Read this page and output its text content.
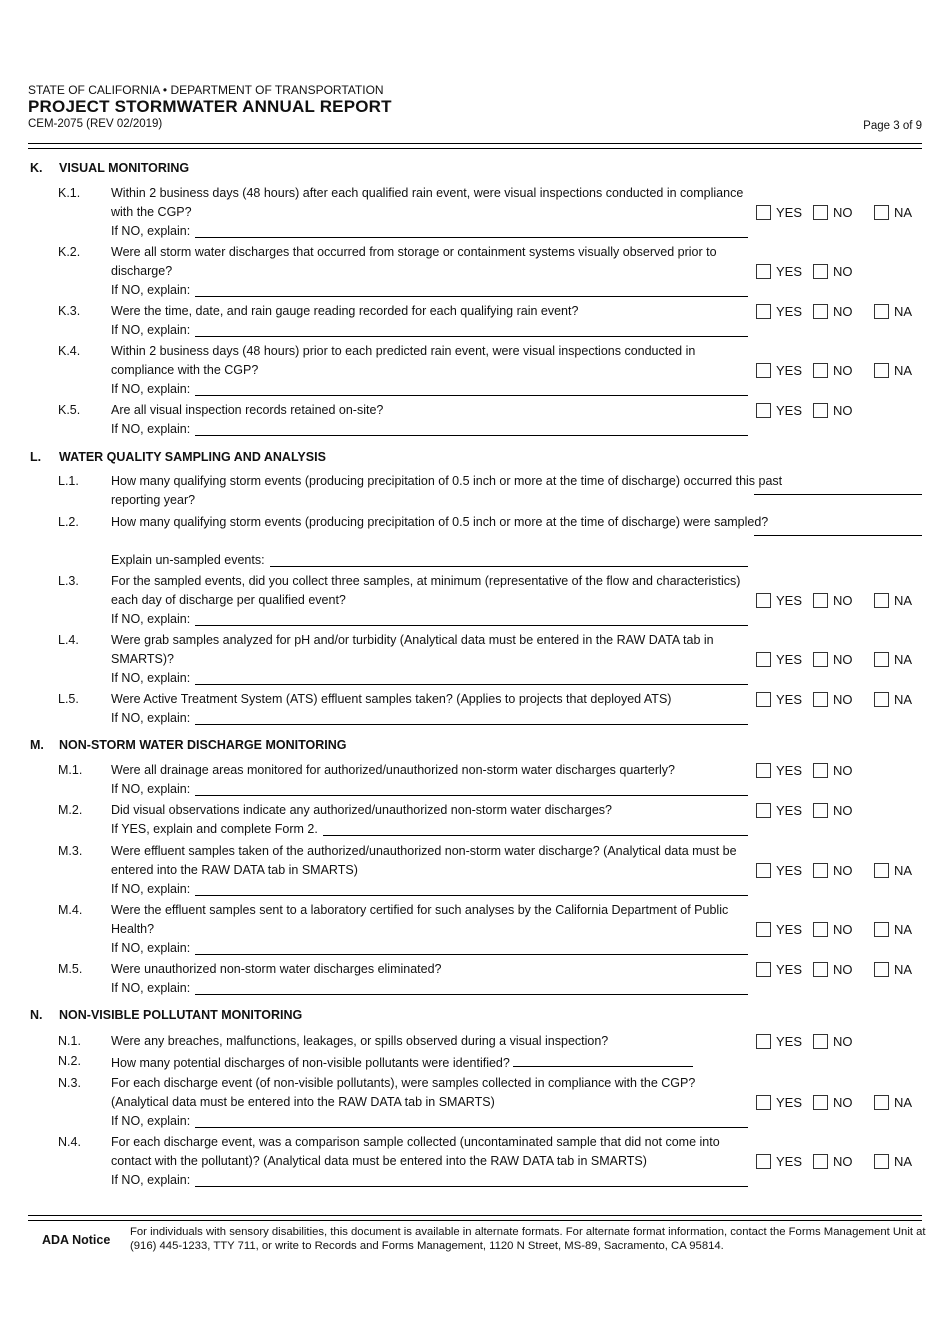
STATE OF CALIFORNIA • DEPARTMENT OF TRANSPORTATION
PROJECT STORMWATER ANNUAL REPORT
CEM-2075 (REV 02/2019)	Page 3 of 9
K. VISUAL MONITORING
K.1.	Within 2 business days (48 hours) after each qualified rain event, were visual inspections conducted in compliance with the CGP?
If NO, explain:
YES NO	NA
K.2.	Were all storm water discharges that occurred from storage or containment systems visually observed prior to discharge?
If NO, explain:
YES NO
K.3.	Were the time, date, and rain gauge reading recorded for each qualifying rain event?
If NO, explain:
YES NO	NA
K.4.	Within 2 business days (48 hours) prior to each predicted rain event, were visual inspections conducted in compliance with the CGP?
If NO, explain:
YES NO	NA
K.5.	Are all visual inspection records retained on-site?
If NO, explain:
YES NO
L. WATER QUALITY SAMPLING AND ANALYSIS
L.1.	How many qualifying storm events (producing precipitation of 0.5 inch or more at the time of discharge) occurred this past reporting year?
L.2.	How many qualifying storm events (producing precipitation of 0.5 inch or more at the time of discharge) were sampled?
Explain un-sampled events:
L.3.	For the sampled events, did you collect three samples, at minimum (representative of the flow and characteristics) each day of discharge per qualified event?
If NO, explain:
YES NO	NA
L.4.	Were grab samples analyzed for pH and/or turbidity (Analytical data must be entered in the RAW DATA tab in SMARTS)?
If NO, explain:
YES NO	NA
L.5.	Were Active Treatment System (ATS) effluent samples taken? (Applies to projects that deployed ATS)
If NO, explain:
YES NO	NA
M. NON-STORM WATER DISCHARGE MONITORING
M.1.	Were all drainage areas monitored for authorized/unauthorized non-storm water discharges quarterly?
If NO, explain:
YES NO
M.2.	Did visual observations indicate any authorized/unauthorized non-storm water discharges?
If YES, explain and complete Form 2.
YES NO
M.3.	Were effluent samples taken of the authorized/unauthorized non-storm water discharge? (Analytical data must be entered into the RAW DATA tab in SMARTS)
If NO, explain:
YES NO	NA
M.4.	Were the effluent samples sent to a laboratory certified for such analyses by the California Department of Public Health?
If NO, explain:
YES NO	NA
M.5.	Were unauthorized non-storm water discharges eliminated?
If NO, explain:
YES NO	NA
N. NON-VISIBLE POLLUTANT MONITORING
N.1.	Were any breaches, malfunctions, leakages, or spills observed during a visual inspection?	YES NO
N.2.	How many potential discharges of non-visible pollutants were identified?
N.3.	For each discharge event (of non-visible pollutants), were samples collected in compliance with the CGP? (Analytical data must be entered into the RAW DATA tab in SMARTS)
If NO, explain:
YES NO	NA
N.4.	For each discharge event, was a comparison sample collected (uncontaminated sample that did not come into contact with the pollutant)? (Analytical data must be entered into the RAW DATA tab in SMARTS)
If NO, explain:
YES NO	NA
ADA Notice
For individuals with sensory disabilities, this document is available in alternate formats. For alternate format information, contact the Forms Management Unit at (916) 445-1233, TTY 711, or write to Records and Forms Management, 1120 N Street, MS-89, Sacramento, CA 95814.
